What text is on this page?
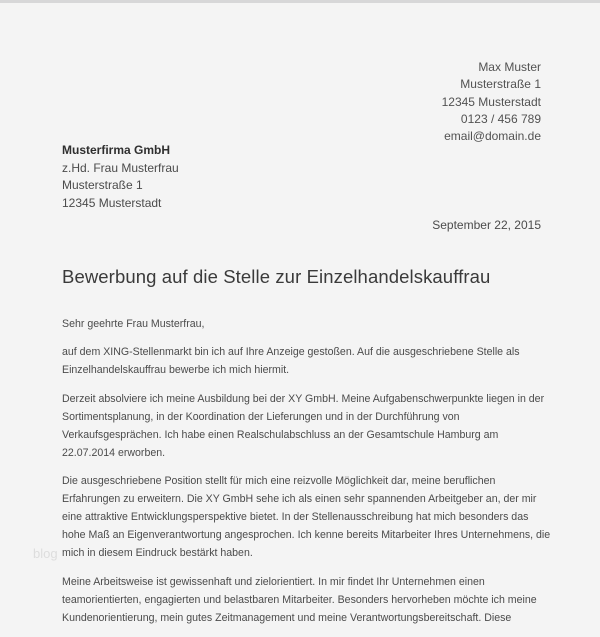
blog
Max Muster
Musterstraße 1
12345 Musterstadt
0123 / 456 789
email@domain.de
Musterfirma GmbH
z.Hd. Frau Musterfrau
Musterstraße 1
12345 Musterstadt
September 22, 2015
Bewerbung auf die Stelle zur Einzelhandelskauffrau

Sehr geehrte Frau Musterfrau,

auf dem XING-Stellenmarkt bin ich auf Ihre Anzeige gestoßen. Auf die ausgeschriebene Stelle als
Einzelhandelskauffrau bewerbe ich mich hiermit.

Derzeit absolviere ich meine Ausbildung bei der XY GmbH. Meine Aufgabenschwerpunkte liegen in der
Sortimentsplanung, in der Koordination der Lieferungen und in der Durchführung von
Verkaufsgesprächen. Ich habe einen Realschulabschluss an der Gesamtschule Hamburg am
22.07.2014 erworben.

Die ausgeschriebene Position stellt für mich eine reizvolle Möglichkeit dar, meine beruflichen
Erfahrungen zu erweitern. Die XY GmbH sehe ich als einen sehr spannenden Arbeitgeber an, der mir
eine attraktive Entwicklungsperspektive bietet. In der Stellenausschreibung hat mich besonders das
hohe Maß an Eigenverantwortung angesprochen. Ich kenne bereits Mitarbeiter Ihres Unternehmens, die
mich in diesem Eindruck bestärkt haben.

Meine Arbeitsweise ist gewissenhaft und zielorientiert. In mir findet Ihr Unternehmen einen
teamorientierten, engagierten und belastbaren Mitarbeiter. Besonders hervorheben möchte ich meine
Kundenorientierung, mein gutes Zeitmanagement und meine Verantwortungsbereitschaft. Diese
